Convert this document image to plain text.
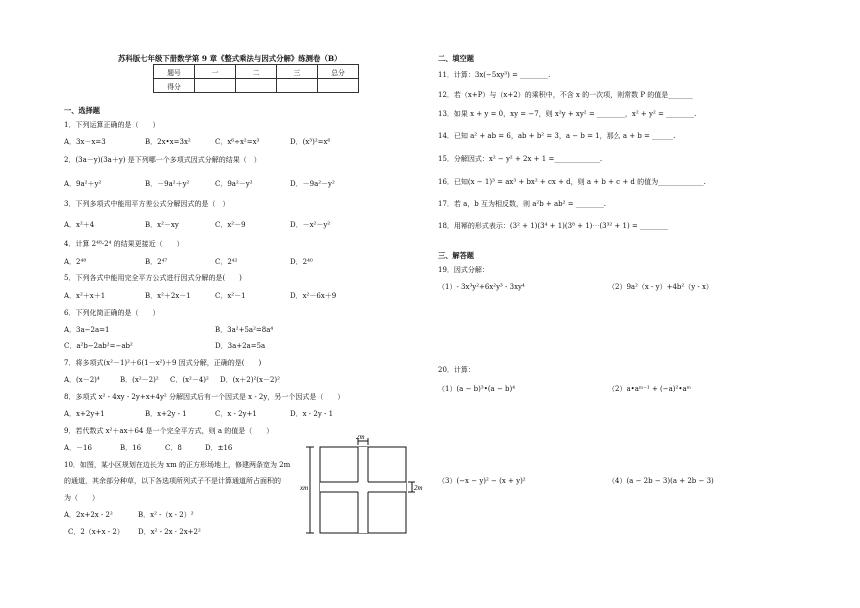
苏科版七年级下册数学第 9 章《整式乘法与因式分解》练测卷（B）
题号	一	二	三	总分
得分				
一、选择题
1．下列运算正确的是（　　）
A．3x－x=3	B．2x•x=3x²	C．x⁶÷x²=x³	D．(x³)²=x⁶
2．(3a－y)(3a＋y) 是下列哪一个多项式因式分解的结果（　）
A．9a²＋y²	B．－9a²＋y²	C．9a²－y²	D．－9a²－y²
3．下列多项式中能用平方差公式分解因式的是（　）
A．x²＋4	B．x²－xy	C．x²－9	D．－x²－y²
4．计算 2⁴⁸-2⁴ 的结果更接近（　　）
A．2⁴⁸	B．2⁴⁷	C．2⁴²	D．2⁴⁰
5．下列各式中能用完全平方公式进行因式分解的是(　　)
A．x²＋x＋1	B．x²＋2x－1	C．x²－1	D．x²－6x＋9
6．下列化简正确的是（　　）
A．3a−2a=1	B．3a²+5a²=8a⁴
C．a²b−2ab²=−ab²	D．3a+2a=5a
7．将多项式(x²－1)²＋6(1－x²)＋9 因式分解，正确的是(　　)
A．(x－2)⁴	B．(x²－2)² C．(x²－4)² D．(x＋2)²(x－2)²
8．多项式 x² - 4xy - 2y+x+4y² 分解因式后有一个因式是 x - 2y，另一个因式是（　　）
A．x+2y+1	B．x+2y - 1	C．x - 2y+1	D．x - 2y - 1
9．若代数式 x²＋ax＋64 是一个完全平方式，则 a 的值是（　　）
A．－16	B．16	C．8	D．±16
10．如图，某小区规划在边长为 xm 的正方形场地上，修建两条宽为 2m
的通道，其余部分种草，以下各选项所列式子不是计算通道所占面积的
为（　　）
A．2x+2x - 2²	B．x² -（x - 2）²
C．2（x+x - 2） D．x² - 2x · 2x+2²
2m
xm	2m
二、填空题
11．计算：3x(−5xy³) = ________.
12．若（x+P）与（x+2）的乘积中，不含 x 的一次项，则常数 P 的值是_______
13．如果 x + y = 0，xy = −7，则 x²y + xy² = ________，x² + y² = ________.
14．已知 a² + ab = 6，ab + b² = 3，a − b = 1，那么 a + b = ______.
15．分解因式：x² − y² + 2x + 1 =_____________.
16．已知(x − 1)³ = ax³ + bx² + cx + d，则 a + b + c + d 的值为_____________.
17．若 a，b 互为相反数，则 a²b + ab² = ________.
18．用幂的形式表示：(3² + 1)(3⁴ + 1)(3⁸ + 1)⋯(3³² + 1) = ________
三、解答题
19．因式分解：
（1）- 3x³y²+6x²y³ - 3xy⁴	（2）9a²（x - y）+4b²（y - x）
20．计算：
（1）(a − b)³•(a − b)⁴	（2）a•aᵐ⁻¹ + (−a)²•aᵐ
（3）(−x − y)² − (x + y)²	（4）(a − 2b − 3)(a + 2b − 3)
